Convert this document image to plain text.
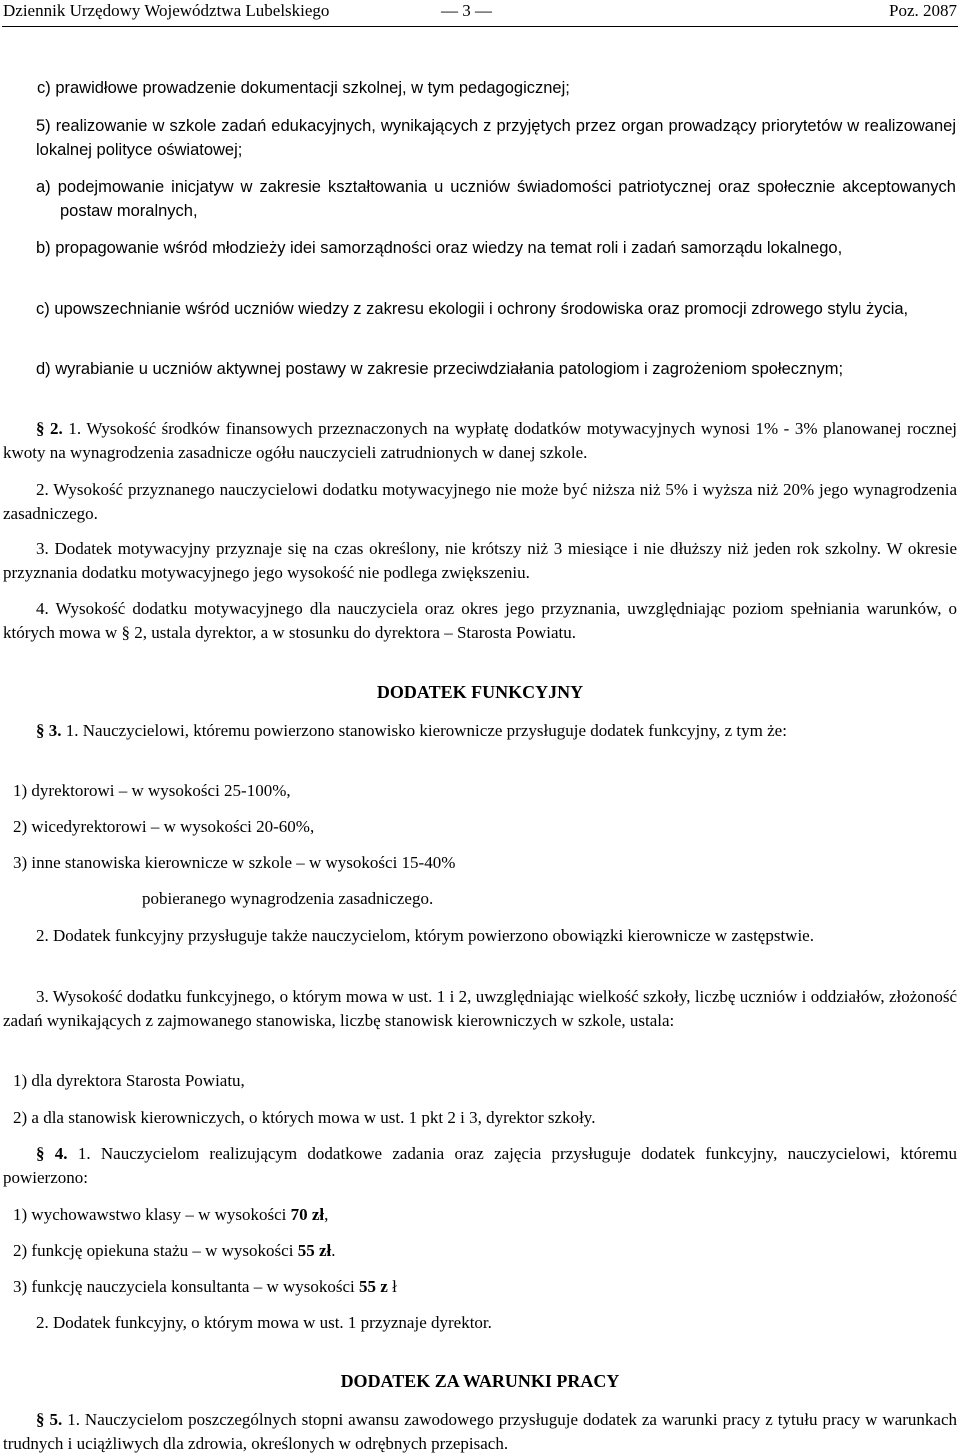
Dziennik Urzędowy Województwa Lubelskiego	— 3 —	Poz. 2087

c) prawidłowe prowadzenie dokumentacji szkolnej, w tym pedagogicznej;

5) realizowanie w szkole zadań edukacyjnych, wynikających z przyjętych przez organ prowadzący priorytetów w realizowanej lokalnej polityce oświatowej;

a) podejmowanie inicjatyw w zakresie kształtowania u uczniów świadomości patriotycznej oraz społecznie akceptowanych postaw moralnych,

b) propagowanie wśród młodzieży idei samorządności oraz wiedzy na temat roli i zadań samorządu lokalnego,

c) upowszechnianie wśród uczniów wiedzy z zakresu ekologii i ochrony środowiska oraz promocji zdrowego stylu życia,

d) wyrabianie u uczniów aktywnej postawy w zakresie przeciwdziałania patologiom i zagrożeniom społecznym;

§ 2. 1. Wysokość środków finansowych przeznaczonych na wypłatę dodatków motywacyjnych wynosi 1% - 3% planowanej rocznej kwoty na wynagrodzenia zasadnicze ogółu nauczycieli zatrudnionych w danej szkole.

2. Wysokość przyznanego nauczycielowi dodatku motywacyjnego nie może być niższa niż 5% i wyższa niż 20% jego wynagrodzenia zasadniczego.

3. Dodatek motywacyjny przyznaje się na czas określony, nie krótszy niż 3 miesiące i nie dłuższy niż jeden rok szkolny. W okresie przyznania dodatku motywacyjnego jego wysokość nie podlega zwiększeniu.

4. Wysokość dodatku motywacyjnego dla nauczyciela oraz okres jego przyznania, uwzględniając poziom spełniania warunków, o których mowa w § 2, ustala dyrektor, a w stosunku do dyrektora – Starosta Powiatu.

DODATEK FUNKCYJNY

§ 3. 1. Nauczycielowi, któremu powierzono stanowisko kierownicze przysługuje dodatek funkcyjny, z tym że:

1) dyrektorowi – w wysokości 25-100%,

2) wicedyrektorowi – w wysokości 20-60%,

3) inne stanowiska kierownicze w szkole – w wysokości 15-40%

pobieranego wynagrodzenia zasadniczego.

2. Dodatek funkcyjny przysługuje także nauczycielom, którym powierzono obowiązki kierownicze w zastępstwie.

3. Wysokość dodatku funkcyjnego, o którym mowa w ust. 1 i 2, uwzględniając wielkość szkoły, liczbę uczniów i oddziałów, złożoność zadań wynikających z zajmowanego stanowiska, liczbę stanowisk kierowniczych w szkole, ustala:

1) dla dyrektora Starosta Powiatu,

2) a dla stanowisk kierowniczych, o których mowa w ust. 1 pkt 2 i 3, dyrektor szkoły.

§ 4. 1. Nauczycielom realizującym dodatkowe zadania oraz zajęcia przysługuje dodatek funkcyjny, nauczycielowi, któremu powierzono:

1) wychowawstwo klasy – w wysokości 70 zł,

2) funkcję opiekuna stażu – w wysokości 55 zł.

3) funkcję nauczyciela konsultanta – w wysokości 55 z ł

2. Dodatek funkcyjny, o którym mowa w ust. 1 przyznaje dyrektor.

DODATEK ZA WARUNKI PRACY

§ 5. 1. Nauczycielom poszczególnych stopni awansu zawodowego przysługuje dodatek za warunki pracy z tytułu pracy w warunkach trudnych i uciążliwych dla zdrowia, określonych w odrębnych przepisach.
